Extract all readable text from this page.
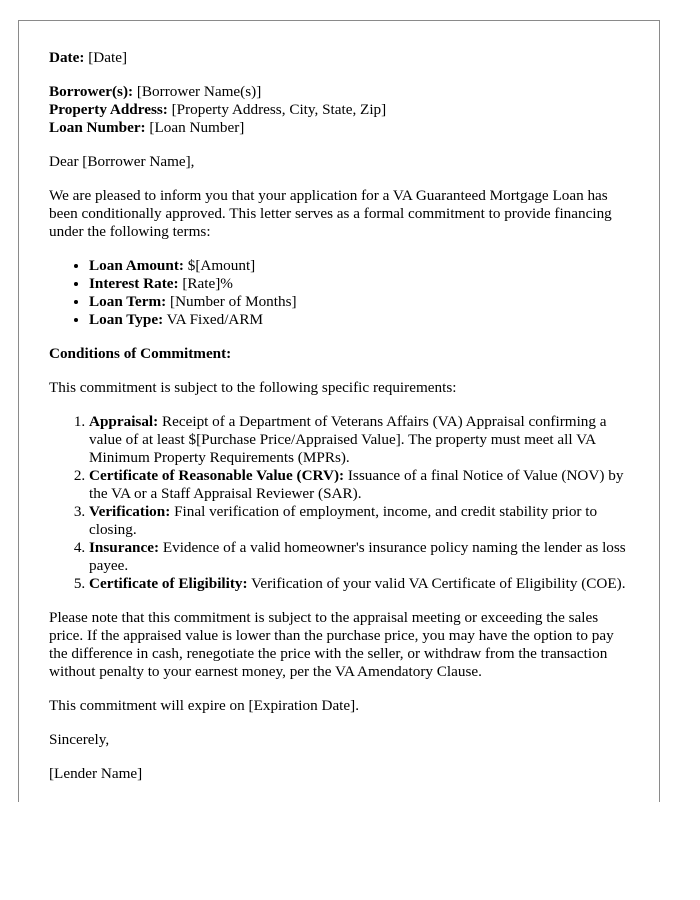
Date: [Date]

Borrower(s): [Borrower Name(s)]
Property Address: [Property Address, City, State, Zip]
Loan Number: [Loan Number]

Dear [Borrower Name],

We are pleased to inform you that your application for a VA Guaranteed Mortgage Loan has been conditionally approved. This letter serves as a formal commitment to provide financing under the following terms:

• Loan Amount: $[Amount]
• Interest Rate: [Rate]%
• Loan Term: [Number of Months]
• Loan Type: VA Fixed/ARM

Conditions of Commitment:

This commitment is subject to the following specific requirements:

1. Appraisal: Receipt of a Department of Veterans Affairs (VA) Appraisal confirming a value of at least $[Purchase Price/Appraised Value]. The property must meet all VA Minimum Property Requirements (MPRs).
2. Certificate of Reasonable Value (CRV): Issuance of a final Notice of Value (NOV) by the VA or a Staff Appraisal Reviewer (SAR).
3. Verification: Final verification of employment, income, and credit stability prior to closing.
4. Insurance: Evidence of a valid homeowner's insurance policy naming the lender as loss payee.
5. Certificate of Eligibility: Verification of your valid VA Certificate of Eligibility (COE).

Please note that this commitment is subject to the appraisal meeting or exceeding the sales price. If the appraised value is lower than the purchase price, you may have the option to pay the difference in cash, renegotiate the price with the seller, or withdraw from the transaction without penalty to your earnest money, per the VA Amendatory Clause.

This commitment will expire on [Expiration Date].

Sincerely,

[Lender Name]
